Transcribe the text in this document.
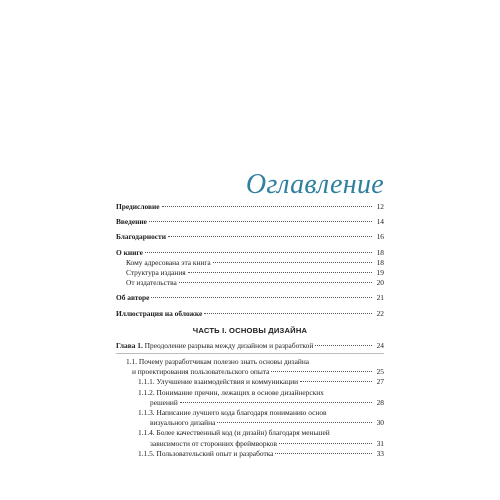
Оглавление
Предисловие	12
Введение	14
Благодарности	16
О книге	18
Кому адресована эта книга	18
Структура издания	19
От издательства	20
Об авторе	21
Иллюстрация на обложке	22
ЧАСТЬ I. ОСНОВЫ ДИЗАЙНА
Глава 1. Преодоление разрыва между дизайном и разработкой	24
1.1. Почему разработчикам полезно знать основы дизайна
и проектирования пользовательского опыта	25
1.1.1. Улучшение взаимодействия и коммуникации	27
1.1.2. Понимание причин, лежащих в основе дизайнерских
решений	28
1.1.3. Написание лучшего кода благодаря пониманию основ
визуального дизайна	30
1.1.4. Более качественный код (и дизайн) благодаря меньшей
зависимости от сторонних фреймворков	31
1.1.5. Пользовательский опыт и разработка	33
